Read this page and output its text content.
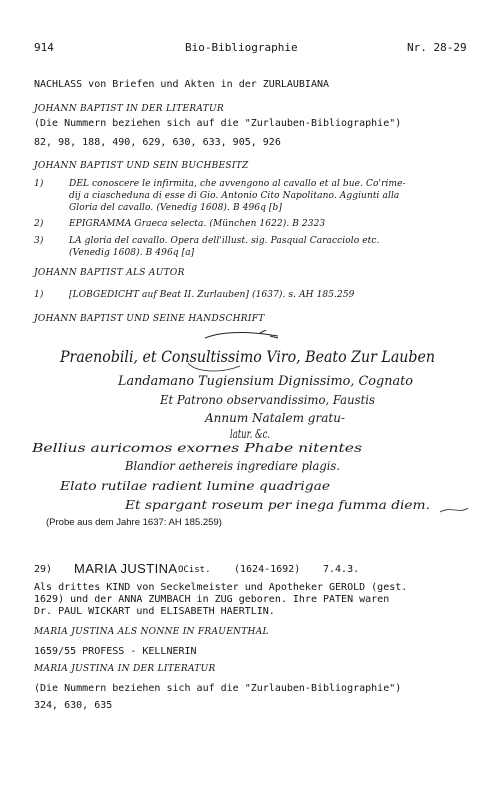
914	Bio-Bibliographie	Nr. 28-29
NACHLASS von Briefen und Akten in der ZURLAUBIANA
JOHANN BAPTIST IN DER LITERATUR
(Die Nummern beziehen sich auf die "Zurlauben-Bibliographie")
82, 98, 188, 490, 629, 630, 633, 905, 926
JOHANN BAPTIST UND SEIN BUCHBESITZ
1)	DEL conoscere le infirmita, che avvengono al cavallo et al bue. Co'rime-
dij a ciascheduna di esse di Gio. Antonio Cito Napolitano. Aggiunti alla
Gloria del cavallo. (Venedig 1608). B 496q [b]
2)	EPIGRAMMA Graeca selecta. (München 1622). B 2323
3)	LA gloria del cavallo. Opera dell'illust. sig. Pasqual Caracciolo etc.
(Venedig 1608). B 496q [a]
JOHANN BAPTIST ALS AUTOR
1)	[LOBGEDICHT auf Beat II. Zurlauben] (1637). s. AH 185.259
JOHANN BAPTIST UND SEINE HANDSCHRIFT
Praenobili, et Consultissimo Viro, Beato Zur Lauben
Landamano Tugiensium Dignissimo, Cognato
Et Patrono observandissimo, Faustis
Annum Natalem gratu-
latur. &c.
Bellius auricomos exornes Phabe nitentes
Blandior aethereis ingrediare plagis.
Elato rutilae radient lumine quadrigae
Et spargant roseum per inega fumma diem.
(Probe aus dem Jahre 1637: AH 185.259)
29) MARIA JUSTINA OCist. (1624-1692) 7.4.3.
Als drittes KIND von Seckelmeister und Apotheker GEROLD (gest.
1629) und der ANNA ZUMBACH in ZUG geboren. Ihre PATEN waren
Dr. PAUL WICKART und ELISABETH HAERTLIN.
MARIA JUSTINA ALS NONNE IN FRAUENTHAL
1659/55 PROFESS - KELLNERIN
MARIA JUSTINA IN DER LITERATUR
(Die Nummern beziehen sich auf die "Zurlauben-Bibliographie")
324, 630, 635
